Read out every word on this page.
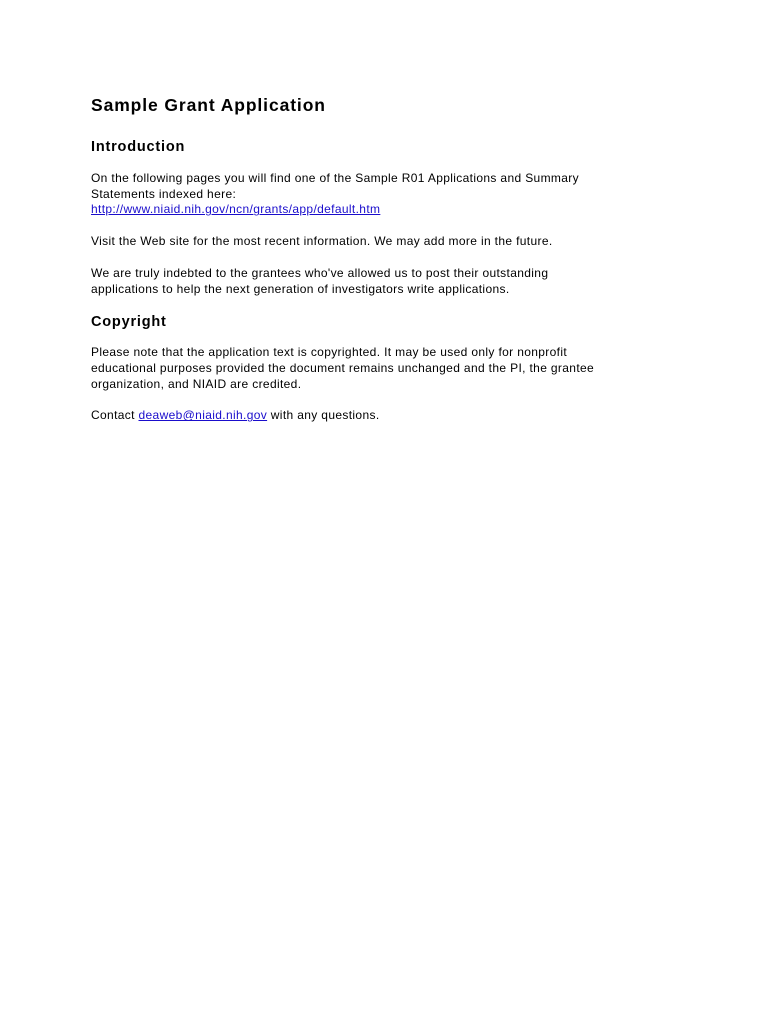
Sample Grant Application
Introduction

On the following pages you will find one of the Sample R01 Applications and Summary
Statements indexed here:
http://www.niaid.nih.gov/ncn/grants/app/default.htm

Visit the Web site for the most recent information. We may add more in the future.

We are truly indebted to the grantees who've allowed us to post their outstanding
applications to help the next generation of investigators write applications.

Copyright

Please note that the application text is copyrighted. It may be used only for nonprofit
educational purposes provided the document remains unchanged and the PI, the grantee
organization, and NIAID are credited.

Contact deaweb@niaid.nih.gov with any questions.
